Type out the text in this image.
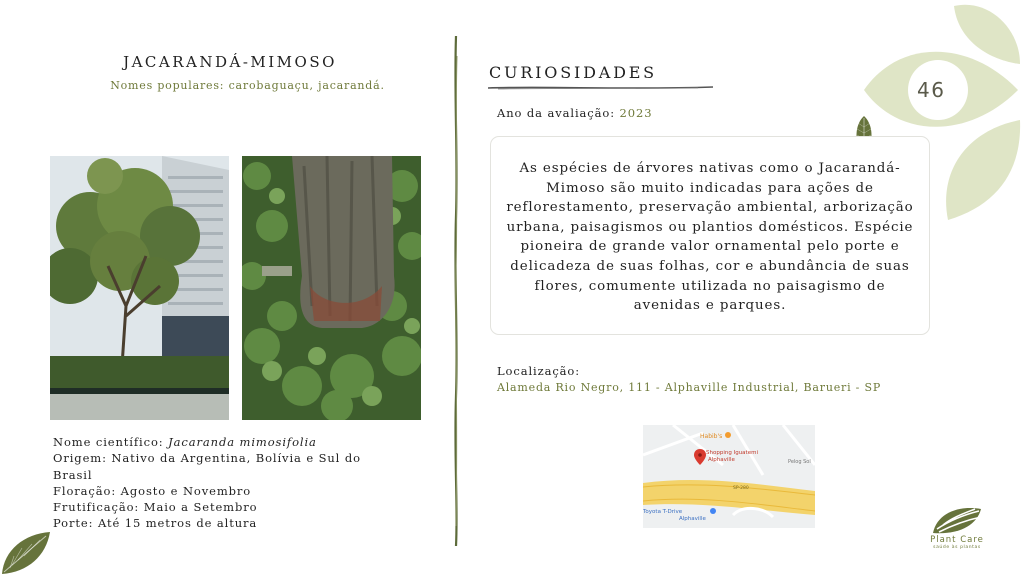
46
JACARANDÁ-MIMOSO
Nomes populares: carobaguaçu, jacarandá.
Nome científico: Jacaranda mimosifolia
Origem: Nativo da Argentina, Bolívia e Sul do
Brasil
Floração: Agosto e Novembro
Frutificação: Maio a Setembro
Porte: Até 15 metros de altura
CURIOSIDADES
Ano da avaliação: 2023
As espécies de árvores nativas como o Jacarandá-Mimoso são muito indicadas para ações de reflorestamento, preservação ambiental, arborização urbana, paisagismos ou plantios domésticos. Espécie pioneira de grande valor ornamental pelo porte e delicadeza de suas folhas, cor e abundância de suas flores, comumente utilizada no paisagismo de avenidas e parques.
Localização:
Alameda Rio Negro, 111 - Alphaville Industrial, Barueri - SP
Habib's
Shopping Iguatemi
Alphaville	Pelog Sol
SP-280
Toyota T-Drive
Alphaville
Plant Care
saúde às plantas
